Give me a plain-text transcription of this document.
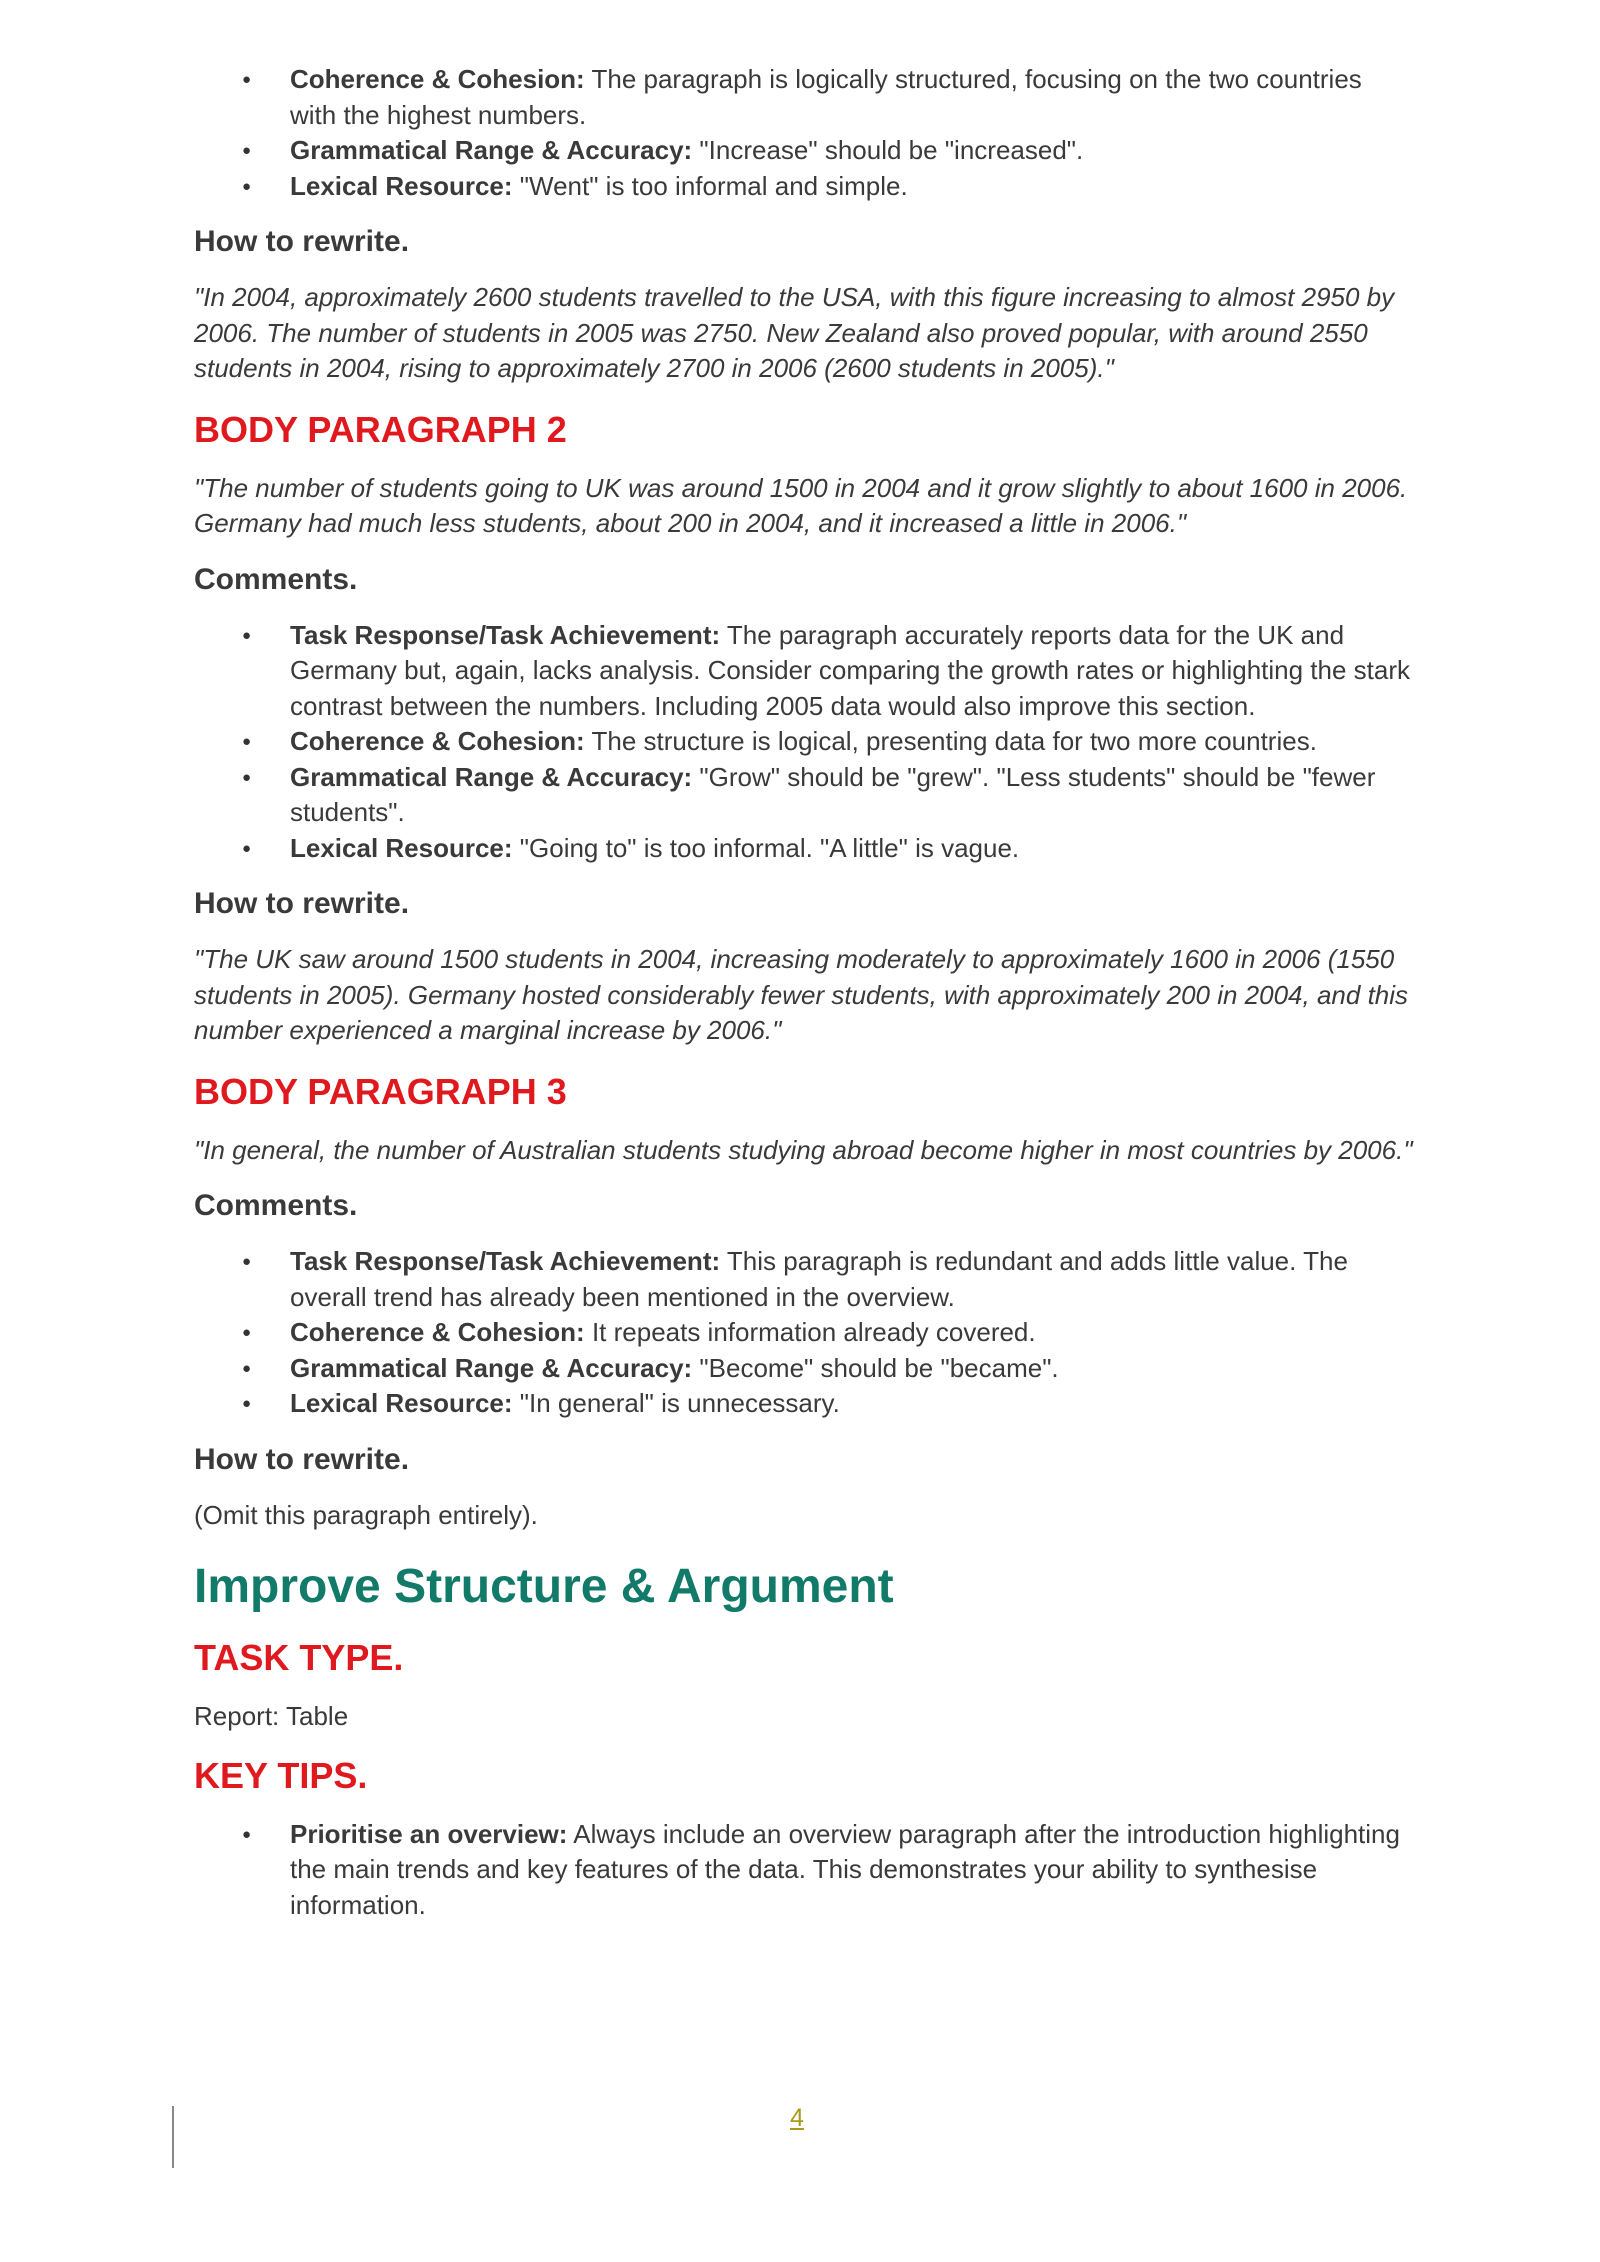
● Coherence & Cohesion: The paragraph is logically structured, focusing on the two countries with the highest numbers.
● Grammatical Range & Accuracy: "Increase" should be "increased".
● Lexical Resource: "Went" is too informal and simple.
How to rewrite.

"In 2004, approximately 2600 students travelled to the USA, with this figure increasing to almost 2950 by 2006. The number of students in 2005 was 2750. New Zealand also proved popular, with around 2550 students in 2004, rising to approximately 2700 in 2006 (2600 students in 2005)."

BODY PARAGRAPH 2

"The number of students going to UK was around 1500 in 2004 and it grow slightly to about 1600 in 2006. Germany had much less students, about 200 in 2004, and it increased a little in 2006."

Comments.
● Task Response/Task Achievement: The paragraph accurately reports data for the UK and Germany but, again, lacks analysis. Consider comparing the growth rates or highlighting the stark contrast between the numbers. Including 2005 data would also improve this section.
● Coherence & Cohesion: The structure is logical, presenting data for two more countries.
● Grammatical Range & Accuracy: "Grow" should be "grew". "Less students" should be "fewer students".
● Lexical Resource: "Going to" is too informal. "A little" is vague.
How to rewrite.

"The UK saw around 1500 students in 2004, increasing moderately to approximately 1600 in 2006 (1550 students in 2005). Germany hosted considerably fewer students, with approximately 200 in 2004, and this number experienced a marginal increase by 2006."

BODY PARAGRAPH 3

"In general, the number of Australian students studying abroad become higher in most countries by 2006."

Comments.
● Task Response/Task Achievement: This paragraph is redundant and adds little value. The overall trend has already been mentioned in the overview.
● Coherence & Cohesion: It repeats information already covered.
● Grammatical Range & Accuracy: "Become" should be "became".
● Lexical Resource: "In general" is unnecessary.
How to rewrite.

(Omit this paragraph entirely).

Improve Structure & Argument
TASK TYPE.

Report: Table

KEY TIPS.
● Prioritise an overview: Always include an overview paragraph after the introduction highlighting the main trends and key features of the data. This demonstrates your ability to synthesise information.
4
